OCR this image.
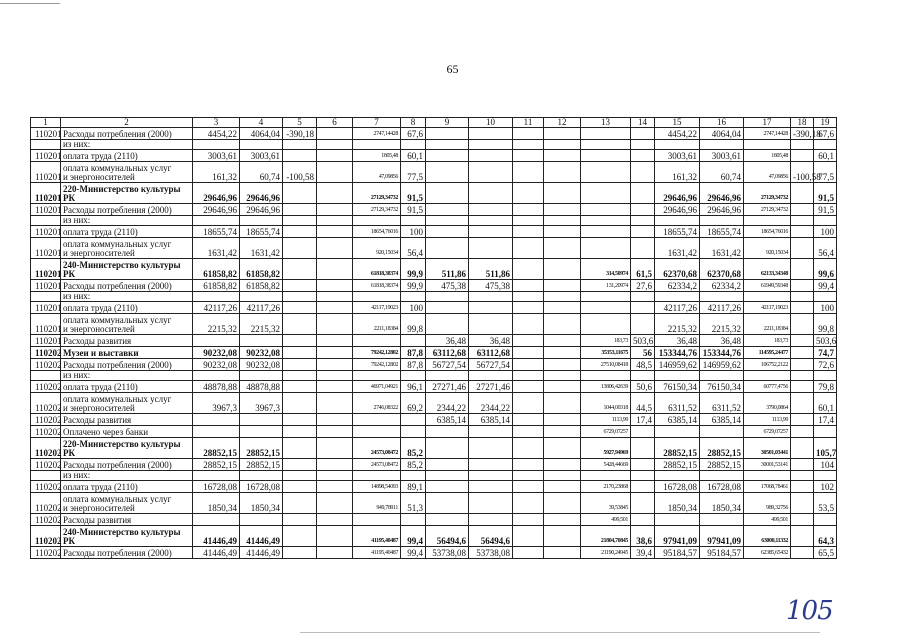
65
1	2	3	4	5	6	7	8	9	10	11	12	13	14	15	16	17	18	19
110201	Расходы потребления (2000)	4454,22	4064,04	-390,18		2747,14428	67,6							4454,22	4064,04	2747,14428	-390,18	67,6

	из них:																	

110201	оплата труда (2110)	3003,61	3003,61			1805,48	60,1							3003,61	3003,61	1805,48		60,1
110201	оплата коммунальных услуг
и энергоносителей	161,32	60,74	-100,58		47,09856	77,5							161,32	60,74	47,09856	-100,58	77,5
110201	220-Министерство культуры
РК	29646,96	29646,96			27129,34732	91,5							29646,96	29646,96	27129,34732		91,5
110201	Расходы потребления (2000)	29646,96	29646,96			27129,34732	91,5							29646,96	29646,96	27129,34732		91,5

	из них:																	

110201	оплата труда (2110)	18655,74	18655,74			18654,76016	100							18655,74	18655,74	18654,76016		100
110201	оплата коммунальных услуг
и энергоносителей	1631,42	1631,42			920,15034	56,4							1631,42	1631,42	920,15034		56,4
110201	240-Министерство культуры
РК	61858,82	61858,82			61818,38374	99,9	511,86	511,86			314,50974	61,5	62370,68	62370,68	62133,34348		99,6
110201	Расходы потребления (2000)	61858,82	61858,82			61818,38374	99,9	475,38	475,38			131,20974	27,6	62334,2	62334,2	61949,59348		99,4

	из них:																	

110201	оплата труда (2110)	42117,26	42117,26			42117,19023	100							42117,26	42117,26	42117,19023		100
110201	оплата коммунальных услуг
и энергоносителей	2215,32	2215,32			2211,18384	99,8							2215,32	2215,32	2211,18384		99,8
110201	Расходы развития							36,48	36,48			183,73	503,6	36,48	36,48	183,73		503,6
110202	Музеи и выставки	90232,08	90232,08			79242,12802	87,8	63112,68	63112,68			35353,11675	56	153344,76	153344,76	114595,24477		74,7
110202	Расходы потребления (2000)	90232,08	90232,08			79242,12802	87,8	56727,54	56727,54			27510,08418	48,5	146959,62	146959,62	106752,2122		72,6

	из них:																	

110202	оплата труда (2110)	48878,88	48878,88			46971,04921	96,1	27271,46	27271,46			13806,42639	50,6	76150,34	76150,34	60777,4756		79,8
110202	оплата коммунальных услуг
и энергоносителей	3967,3	3967,3			2746,08322	69,2	2344,22	2344,22			1044,00318	44,5	6311,52	6311,52	3790,0864		60,1
110202	Расходы развития							6385,14	6385,14			1113,99	17,4	6385,14	6385,14	1113,99		17,4
110202	Оплачено через банки											6729,07257				6729,07257		
110202	220-Министерство культуры
РК	28852,15	28852,15			24573,08472	85,2					5927,94969		28852,15	28852,15	30501,03441		105,7
110202	Расходы потребления (2000)	28852,15	28852,15			24573,08472	85,2					5428,44669		28852,15	28852,15	30001,53141		104

	из них:																	

110202	оплата труда (2110)	16728,08	16728,08			14898,54093	89,1					2170,23868		16728,08	16728,08	17068,78461		102
110202	оплата коммунальных услуг
и энергоносителей	1850,34	1850,34			949,78911	51,3					39,53845		1850,34	1850,34	989,32756		53,5
110202	Расходы развития											499,501				499,501		
110202	240-Министерство культуры
РК	41446,49	41446,49			41195,40487	99,4	56494,6	56494,6			21804,70845	38,6	97941,09	97941,09	63000,11332		64,3
110202	Расходы потребления (2000)	41446,49	41446,49			41195,40487	99,4	53738,08	53738,08			21190,24945	39,4	95184,57	95184,57	62385,65432		65,5
105
